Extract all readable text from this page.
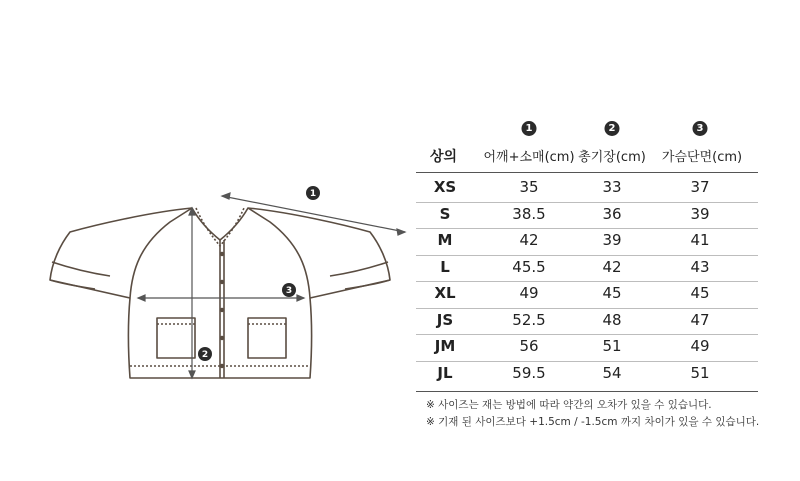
1
2
3
1	2	3
상의 어깨+소매(cm) 총기장(cm) 가슴단면(cm)
XS	35	33	37
S	38.5	36	39
M	42	39	41
L	45.5	42	43
XL	49	45	45
JS	52.5	48	47
JM	56	51	49
JL	59.5	54	51
※ 사이즈는 재는 방법에 따라 약간의 오차가 있을 수 있습니다.
※ 기재 된 사이즈보다 +1.5cm / -1.5cm 까지 차이가 있을 수 있습니다.
